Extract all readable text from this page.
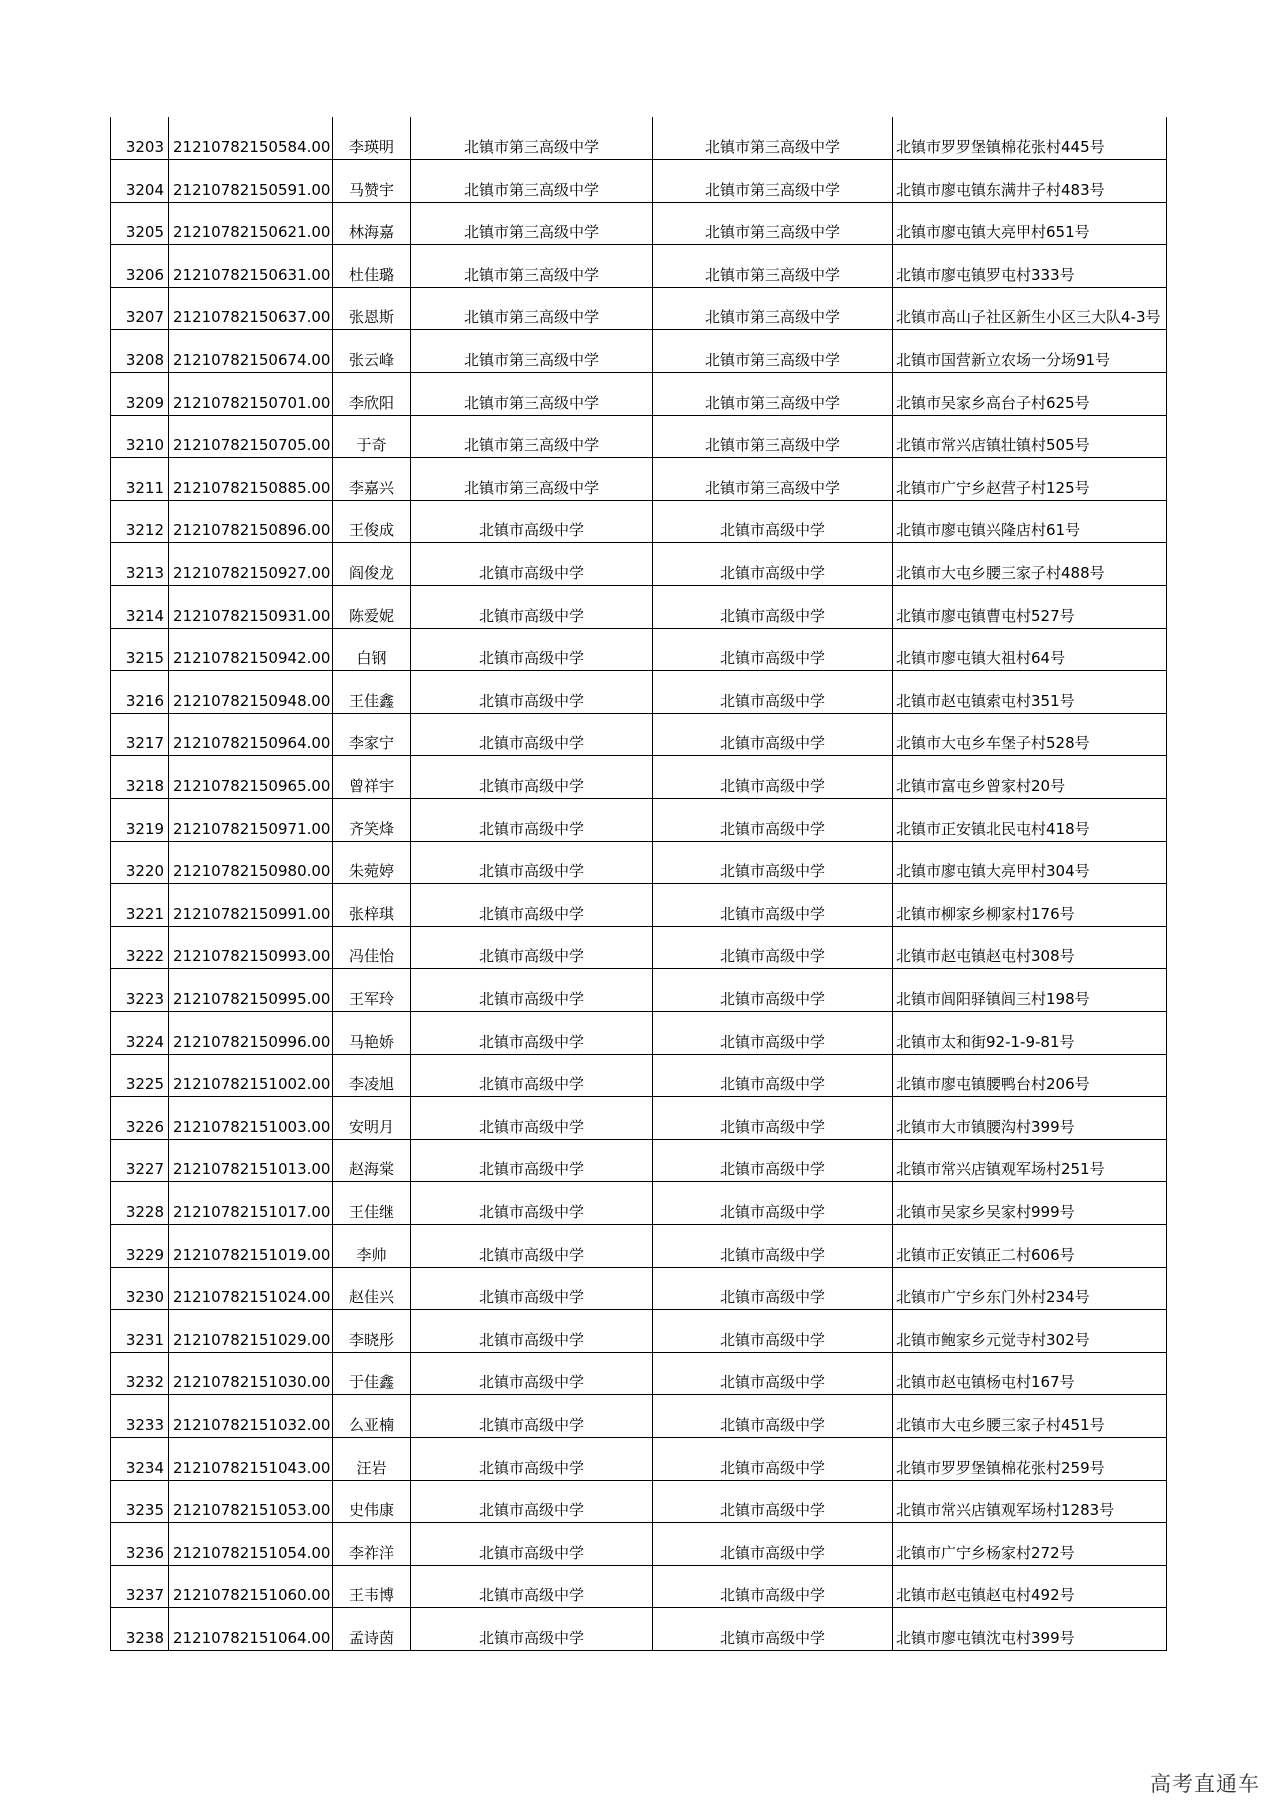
3203	21210782150584.00	李瑛明	北镇市第三高级中学	北镇市第三高级中学	北镇市罗罗堡镇棉花张村445号
3204	21210782150591.00	马赞宇	北镇市第三高级中学	北镇市第三高级中学	北镇市廖屯镇东满井子村483号
3205	21210782150621.00	林海嘉	北镇市第三高级中学	北镇市第三高级中学	北镇市廖屯镇大亮甲村651号
3206	21210782150631.00	杜佳璐	北镇市第三高级中学	北镇市第三高级中学	北镇市廖屯镇罗屯村333号
3207	21210782150637.00	张恩斯	北镇市第三高级中学	北镇市第三高级中学	北镇市高山子社区新生小区三大队4-3号
3208	21210782150674.00	张云峰	北镇市第三高级中学	北镇市第三高级中学	北镇市国营新立农场一分场91号
3209	21210782150701.00	李欣阳	北镇市第三高级中学	北镇市第三高级中学	北镇市吴家乡高台子村625号
3210	21210782150705.00	于奇	北镇市第三高级中学	北镇市第三高级中学	北镇市常兴店镇壮镇村505号
3211	21210782150885.00	李嘉兴	北镇市第三高级中学	北镇市第三高级中学	北镇市广宁乡赵营子村125号
3212	21210782150896.00	王俊成	北镇市高级中学	北镇市高级中学	北镇市廖屯镇兴隆店村61号
3213	21210782150927.00	阎俊龙	北镇市高级中学	北镇市高级中学	北镇市大屯乡腰三家子村488号
3214	21210782150931.00	陈爱妮	北镇市高级中学	北镇市高级中学	北镇市廖屯镇曹屯村527号
3215	21210782150942.00	白钢	北镇市高级中学	北镇市高级中学	北镇市廖屯镇大祖村64号
3216	21210782150948.00	王佳鑫	北镇市高级中学	北镇市高级中学	北镇市赵屯镇索屯村351号
3217	21210782150964.00	李家宁	北镇市高级中学	北镇市高级中学	北镇市大屯乡车堡子村528号
3218	21210782150965.00	曾祥宇	北镇市高级中学	北镇市高级中学	北镇市富屯乡曾家村20号
3219	21210782150971.00	齐笑烽	北镇市高级中学	北镇市高级中学	北镇市正安镇北民屯村418号
3220	21210782150980.00	朱菀婷	北镇市高级中学	北镇市高级中学	北镇市廖屯镇大亮甲村304号
3221	21210782150991.00	张梓琪	北镇市高级中学	北镇市高级中学	北镇市柳家乡柳家村176号
3222	21210782150993.00	冯佳怡	北镇市高级中学	北镇市高级中学	北镇市赵屯镇赵屯村308号
3223	21210782150995.00	王军玲	北镇市高级中学	北镇市高级中学	北镇市闾阳驿镇闾三村198号
3224	21210782150996.00	马艳娇	北镇市高级中学	北镇市高级中学	北镇市太和街92-1-9-81号
3225	21210782151002.00	李凌旭	北镇市高级中学	北镇市高级中学	北镇市廖屯镇腰鸭台村206号
3226	21210782151003.00	安明月	北镇市高级中学	北镇市高级中学	北镇市大市镇腰沟村399号
3227	21210782151013.00	赵海棠	北镇市高级中学	北镇市高级中学	北镇市常兴店镇观军场村251号
3228	21210782151017.00	王佳继	北镇市高级中学	北镇市高级中学	北镇市吴家乡吴家村999号
3229	21210782151019.00	李帅	北镇市高级中学	北镇市高级中学	北镇市正安镇正二村606号
3230	21210782151024.00	赵佳兴	北镇市高级中学	北镇市高级中学	北镇市广宁乡东门外村234号
3231	21210782151029.00	李晓彤	北镇市高级中学	北镇市高级中学	北镇市鲍家乡元觉寺村302号
3232	21210782151030.00	于佳鑫	北镇市高级中学	北镇市高级中学	北镇市赵屯镇杨屯村167号
3233	21210782151032.00	么亚楠	北镇市高级中学	北镇市高级中学	北镇市大屯乡腰三家子村451号
3234	21210782151043.00	汪岩	北镇市高级中学	北镇市高级中学	北镇市罗罗堡镇棉花张村259号
3235	21210782151053.00	史伟康	北镇市高级中学	北镇市高级中学	北镇市常兴店镇观军场村1283号
3236	21210782151054.00	李祚洋	北镇市高级中学	北镇市高级中学	北镇市广宁乡杨家村272号
3237	21210782151060.00	王韦博	北镇市高级中学	北镇市高级中学	北镇市赵屯镇赵屯村492号
3238	21210782151064.00	孟诗茵	北镇市高级中学	北镇市高级中学	北镇市廖屯镇沈屯村399号
高考直通车
